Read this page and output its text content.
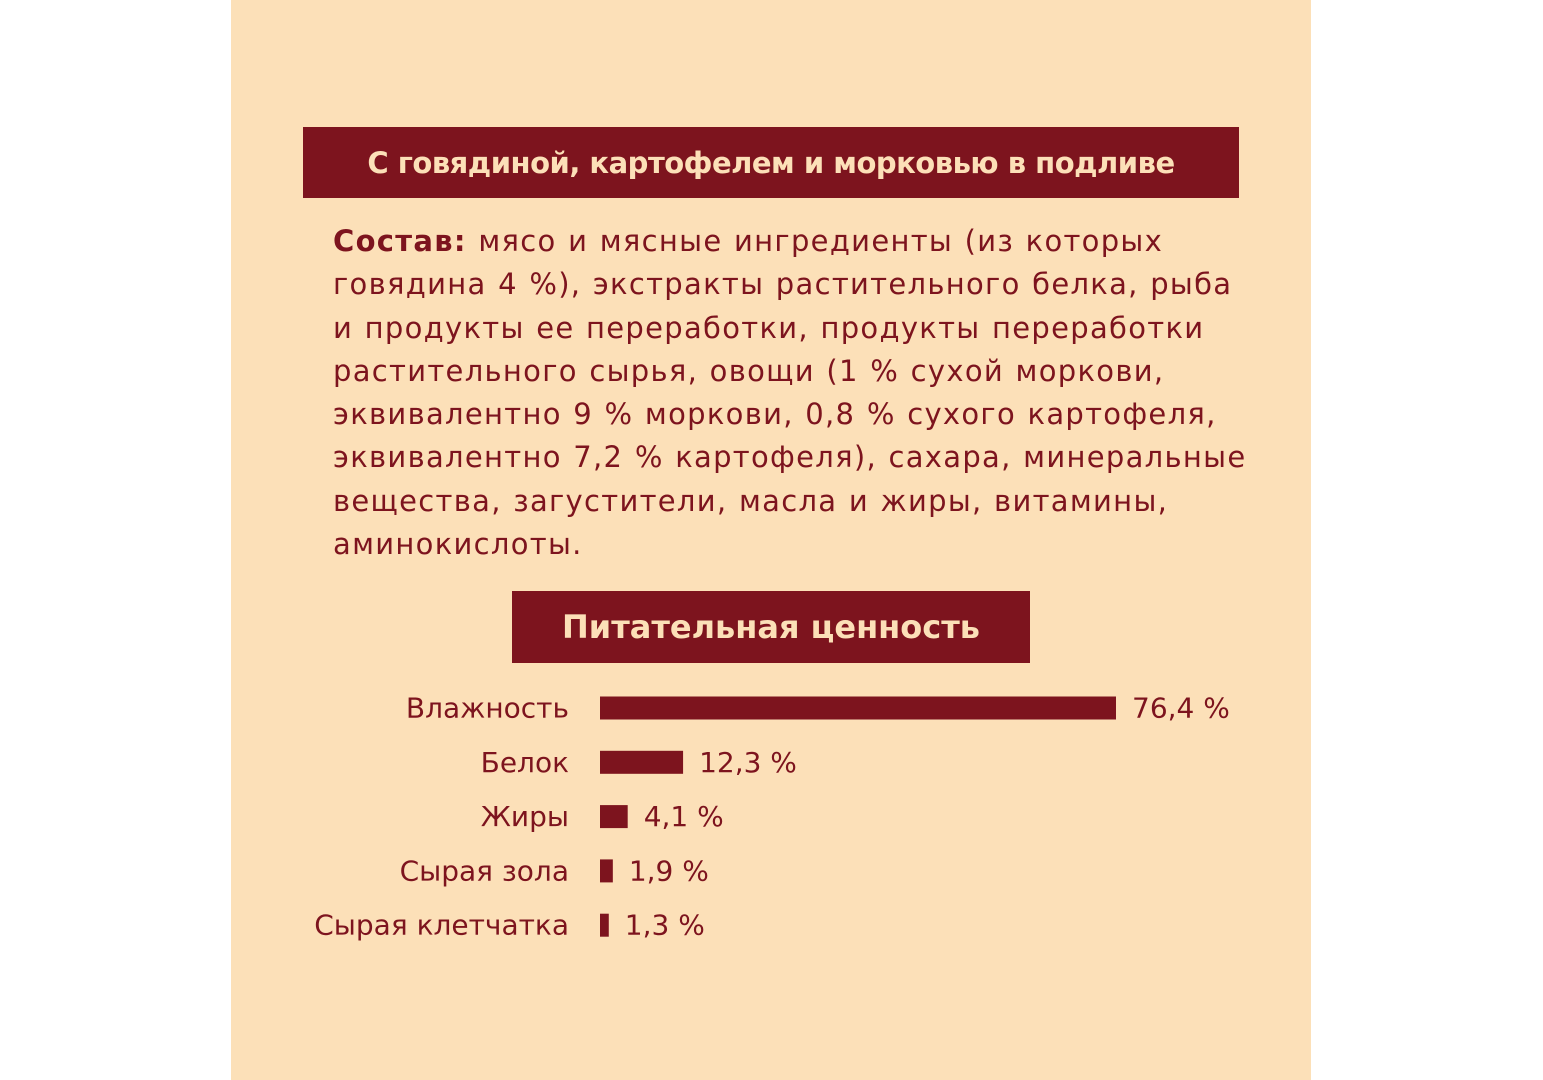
С говядиной, картофелем и морковью в подливе
Состав: мясо и мясные ингредиенты (из которых
говядина 4 %), экстракты растительного белка, рыба
и продукты ее переработки, продукты переработки
растительного сырья, овощи (1 % сухой моркови,
эквивалентно 9 % моркови, 0,8 % сухого картофеля,
эквивалентно 7,2 % картофеля), сахара, минеральные
вещества, загустители, масла и жиры, витамины,
аминокислоты.
Питательная ценность
Влажность	76,4 %
Белок	12,3 %
Жиры	4,1 %
Сырая зола 1,9 %
Сырая клетчатка 1,3 %
